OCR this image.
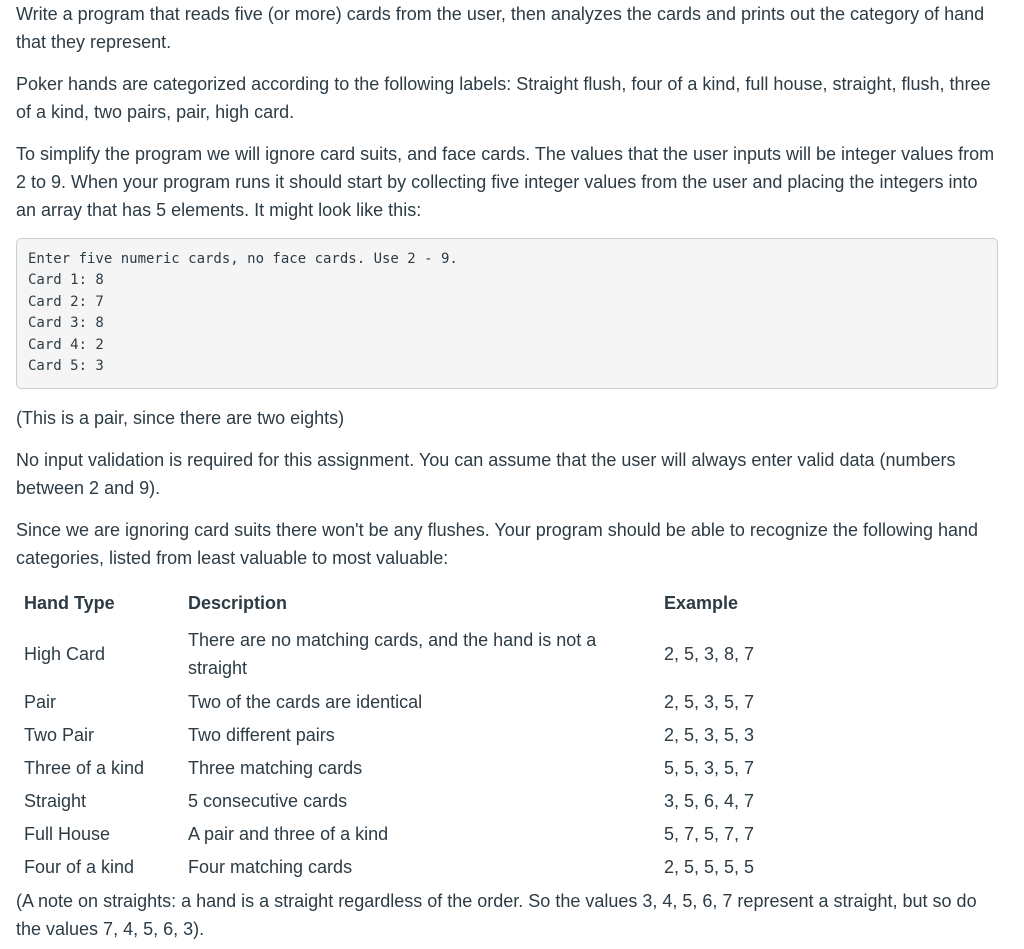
Write a program that reads five (or more) cards from the user, then analyzes the cards and prints out the category of hand that they represent.

Poker hands are categorized according to the following labels: Straight flush, four of a kind, full house, straight, flush, three of a kind, two pairs, pair, high card.

To simplify the program we will ignore card suits, and face cards. The values that the user inputs will be integer values from 2 to 9. When your program runs it should start by collecting five integer values from the user and placing the integers into an array that has 5 elements. It might look like this:

Enter five numeric cards, no face cards. Use 2 - 9.
Card 1: 8
Card 2: 7
Card 3: 8
Card 4: 2
Card 5: 3

(This is a pair, since there are two eights)

No input validation is required for this assignment. You can assume that the user will always enter valid data (numbers between 2 and 9).

Since we are ignoring card suits there won't be any flushes. Your program should be able to recognize the following hand categories, listed from least valuable to most valuable:

Hand Type	Description	Example
High Card	There are no matching cards, and the hand is not a straight	2, 5, 3, 8, 7
Pair	Two of the cards are identical	2, 5, 3, 5, 7
Two Pair	Two different pairs	2, 5, 3, 5, 3
Three of a kind	Three matching cards	5, 5, 3, 5, 7
Straight	5 consecutive cards	3, 5, 6, 4, 7
Full House	A pair and three of a kind	5, 7, 5, 7, 7
Four of a kind	Four matching cards	2, 5, 5, 5, 5

(A note on straights: a hand is a straight regardless of the order. So the values 3, 4, 5, 6, 7 represent a straight, but so do the values 7, 4, 5, 6, 3).
